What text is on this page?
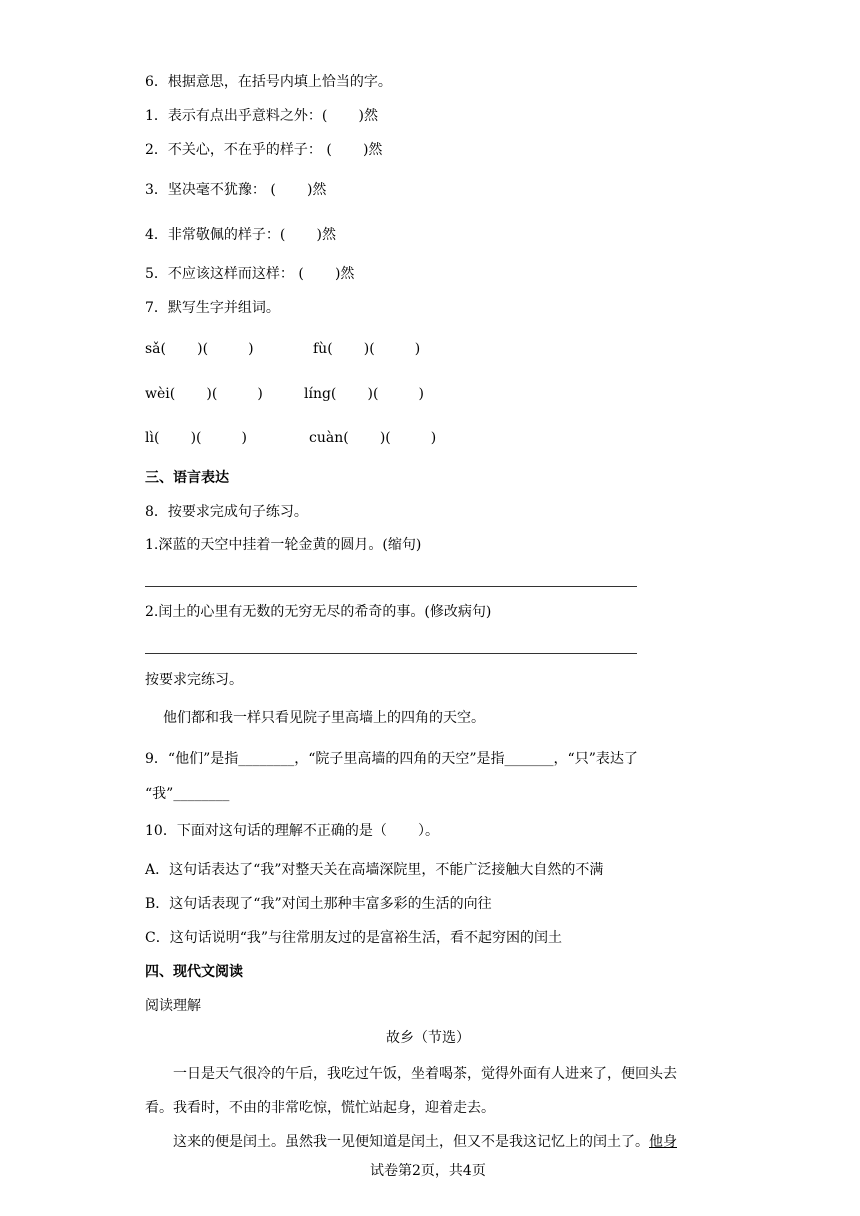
6．根据意思，在括号内填上恰当的字。
1．表示有点出乎意料之外：(       )然
2．不关心，不在乎的样子： (       )然
3．坚决毫不犹豫： (       )然
4．非常敬佩的样子：(       )然
5．不应该这样而这样： (       )然
7．默写生字并组词。
sǎ(       )(         )	fù(       )(         )
wèi(       )(         )	líng(       )(         )
lì(       )(         )	cuàn(       )(         )
三、语言表达
8．按要求完成句子练习。
1.深蓝的天空中挂着一轮金黄的圆月。(缩句)
2.闰土的心里有无数的无穷无尽的希奇的事。(修改病句)
按要求完练习。
他们都和我一样只看见院子里高墙上的四角的天空。
9．“他们”是指________，“院子里高墙的四角的天空”是指_______，“只”表达了
“我”________
10．下面对这句话的理解不正确的是（       ）。
A．这句话表达了“我”对整天关在高墙深院里，不能广泛接触大自然的不满
B．这句话表现了“我”对闰土那种丰富多彩的生活的向往
C．这句话说明“我”与往常朋友过的是富裕生活，看不起穷困的闰土
四、现代文阅读
阅读理解
故乡（节选）
一日是天气很冷的午后，我吃过午饭，坐着喝茶，觉得外面有人进来了，便回头去
看。我看时，不由的非常吃惊，慌忙站起身，迎着走去。
这来的便是闰土。虽然我一见便知道是闰土，但又不是我这记忆上的闰土了。他身
试卷第2页，共4页
